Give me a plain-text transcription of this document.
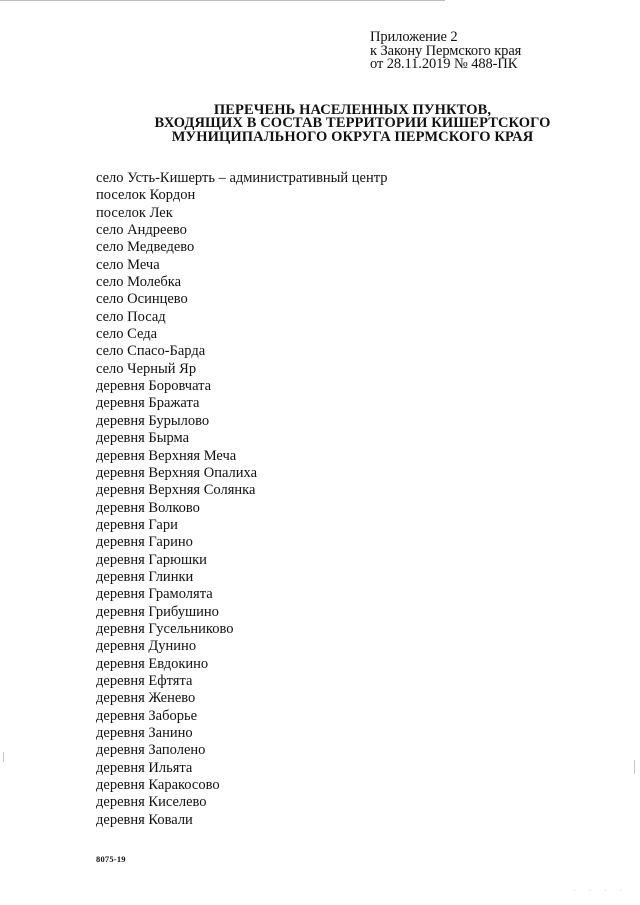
Приложение 2
к Закону Пермского края
от 28.11.2019 № 488-ПК
ПЕРЕЧЕНЬ НАСЕЛЕННЫХ ПУНКТОВ,
ВХОДЯЩИХ В СОСТАВ ТЕРРИТОРИИ КИШЕРТСКОГО
МУНИЦИПАЛЬНОГО ОКРУГА ПЕРМСКОГО КРАЯ
село Усть-Кишерть – административный центр
поселок Кордон
поселок Лек
село Андреево
село Медведево
село Меча
село Молебка
село Осинцево
село Посад
село Седа
село Спасо-Барда
село Черный Яр
деревня Боровчата
деревня Бражата
деревня Бурылово
деревня Бырма
деревня Верхняя Меча
деревня Верхняя Опалиха
деревня Верхняя Солянка
деревня Волково
деревня Гари
деревня Гарино
деревня Гарюшки
деревня Глинки
деревня Грамолята
деревня Грибушино
деревня Гусельниково
деревня Дунино
деревня Евдокино
деревня Ефтята
деревня Женево
деревня Заборье
деревня Занино
деревня Заполено
деревня Ильята
деревня Каракосово
деревня Киселево
деревня Ковали
8075-19
· · · ·
